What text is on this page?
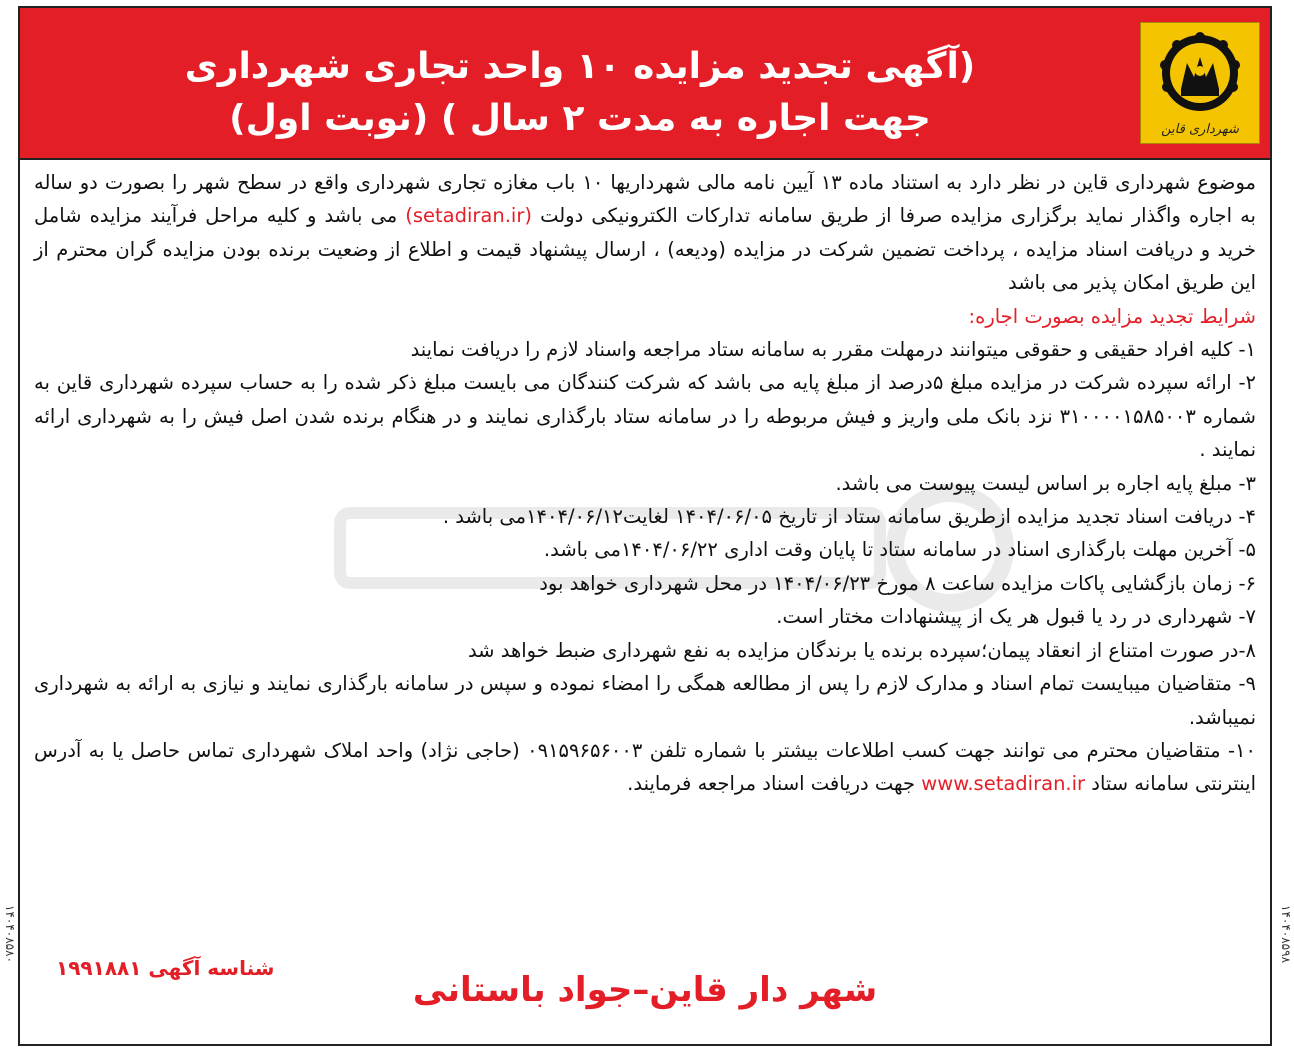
(آگهی تجدید مزایده ۱۰ واحد تجاری شهرداری
جهت اجاره به مدت ۲ سال ) (نوبت اول)	شهرداری قاین

موضوع شهرداری قاین در نظر دارد به استناد ماده ۱۳ آیین نامه مالی شهرداریها ۱۰ باب مغازه تجاری شهرداری واقع در سطح شهر را بصورت دو ساله به اجاره واگذار نماید برگزاری مزایده صرفا از طریق سامانه تدارکات الکترونیکی دولت (setadiran.ir) می باشد و کلیه مراحل فرآیند مزایده شامل خرید و دریافت اسناد مزایده ، پرداخت تضمین شرکت در مزایده (ودیعه) ، ارسال پیشنهاد قیمت و اطلاع از وضعیت برنده بودن مزایده گران محترم از این طریق امکان پذیر می باشد

شرایط تجدید مزایده بصورت اجاره:

۱- کلیه افراد حقیقی و حقوقی میتوانند درمهلت مقرر به سامانه ستاد مراجعه واسناد لازم را دریافت نمایند

۲- ارائه سپرده شرکت در مزایده مبلغ ۵درصد از مبلغ پایه می باشد که شرکت کنندگان می بایست مبلغ ذکر شده را به حساب سپرده شهرداری قاین به شماره ۳۱۰۰۰۰۱۵۸۵۰۰۳ نزد بانک ملی واریز و فیش مربوطه را در سامانه ستاد بارگذاری نمایند و در هنگام برنده شدن اصل فیش را به شهرداری ارائه نمایند .

۳- مبلغ پایه اجاره بر اساس لیست پیوست می باشد.

۴- دریافت اسناد تجدید مزایده ازطریق سامانه ستاد از تاریخ ۱۴۰۴/۰۶/۰۵ لغایت۱۴۰۴/۰۶/۱۲می باشد .

۵- آخرین مهلت بارگذاری اسناد در سامانه ستاد تا پایان وقت اداری ۱۴۰۴/۰۶/۲۲می باشد.

۶- زمان بازگشایی پاکات مزایده ساعت ۸ مورخ ۱۴۰۴/۰۶/۲۳ در محل شهرداری خواهد بود

۷- شهرداری در رد یا قبول هر یک از پیشنهادات مختار است.

۸-در صورت امتناع از انعقاد پیمان؛سپرده برنده یا برندگان مزایده به نفع شهرداری ضبط خواهد شد

۹- متقاضیان میبایست تمام اسناد و مدارک لازم را پس از مطالعه همگی را امضاء نموده و سپس در سامانه بارگذاری نمایند و نیازی به ارائه به شهرداری نمیباشد.

۱۰- متقاضیان محترم می توانند جهت کسب اطلاعات بیشتر با شماره تلفن ۰۹۱۵۹۶۵۶۰۰۳ (حاجی نژاد) واحد املاک شهرداری تماس حاصل یا به آدرس اینترنتی سامانه ستاد www.setadiran.ir جهت دریافت اسناد مراجعه فرمایند.

شناسه آگهی ۱۹۹۱۸۸۱
شهر دار قاین–جواد باستانی
۱۴۰۴۰۸۵۸۰	۱۴۰۴۰۸۵۹۸
